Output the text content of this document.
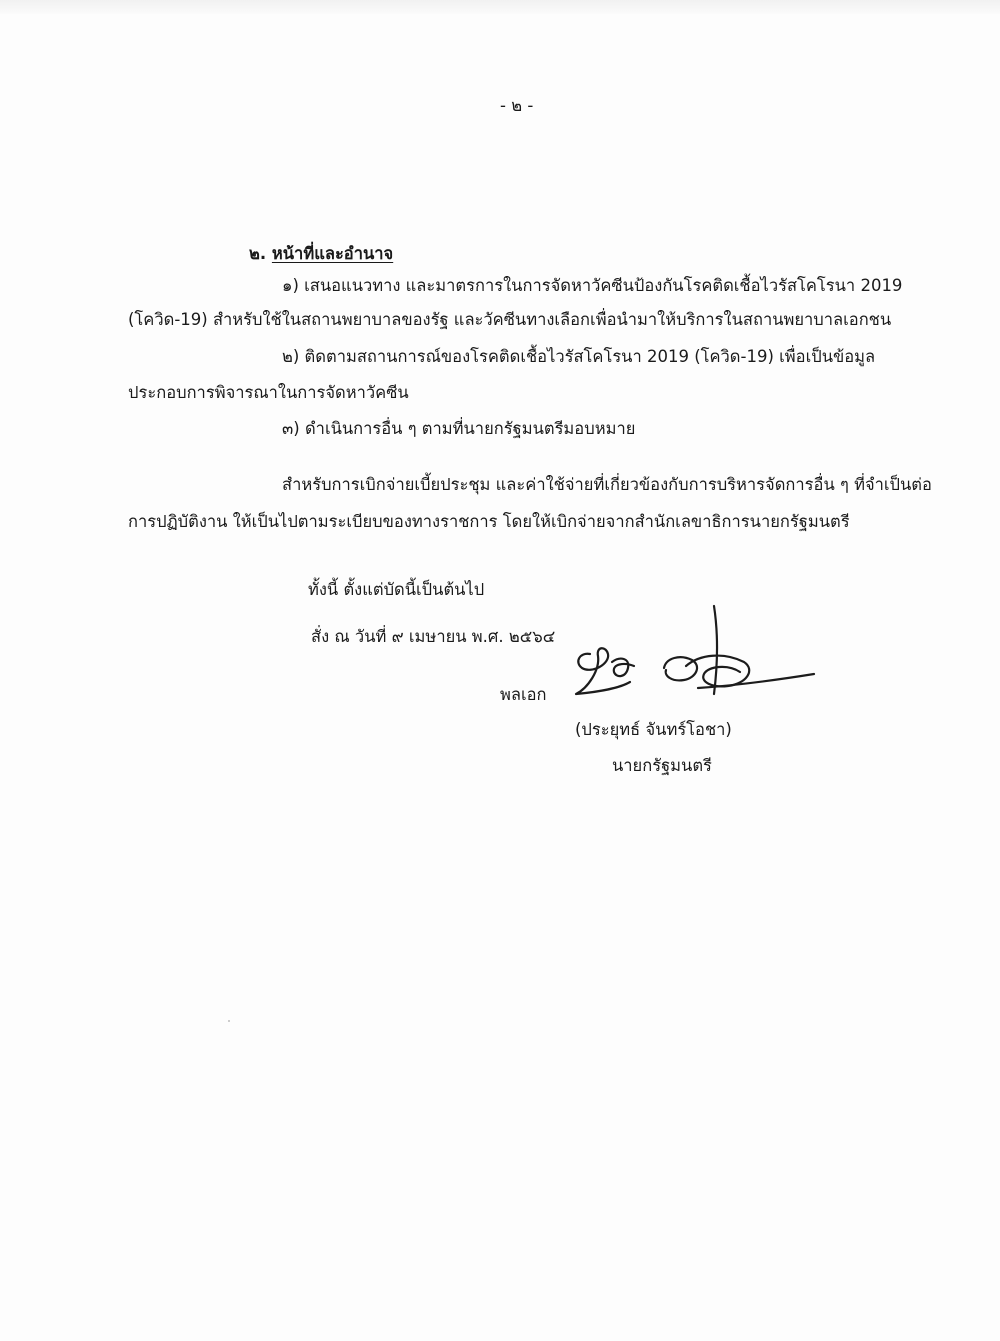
- ๒ -

๒. หน้าที่และอำนาจ

๑) เสนอแนวทาง และมาตรการในการจัดหาวัคซีนป้องกันโรคติดเชื้อไวรัสโคโรนา 2019

(โควิด-19) สำหรับใช้ในสถานพยาบาลของรัฐ และวัคซีนทางเลือกเพื่อนำมาให้บริการในสถานพยาบาลเอกชน

๒) ติดตามสถานการณ์ของโรคติดเชื้อไวรัสโคโรนา 2019 (โควิด-19) เพื่อเป็นข้อมูล

ประกอบการพิจารณาในการจัดหาวัคซีน

๓) ดำเนินการอื่น ๆ ตามที่นายกรัฐมนตรีมอบหมาย

สำหรับการเบิกจ่ายเบี้ยประชุม และค่าใช้จ่ายที่เกี่ยวข้องกับการบริหารจัดการอื่น ๆ ที่จำเป็นต่อ

การปฏิบัติงาน ให้เป็นไปตามระเบียบของทางราชการ โดยให้เบิกจ่ายจากสำนักเลขาธิการนายกรัฐมนตรี

ทั้งนี้ ตั้งแต่บัดนี้เป็นต้นไป

สั่ง ณ วันที่ ๙ เมษายน พ.ศ. ๒๕๖๔

พลเอก

(ประยุทธ์ จันทร์โอชา)

นายกรัฐมนตรี
